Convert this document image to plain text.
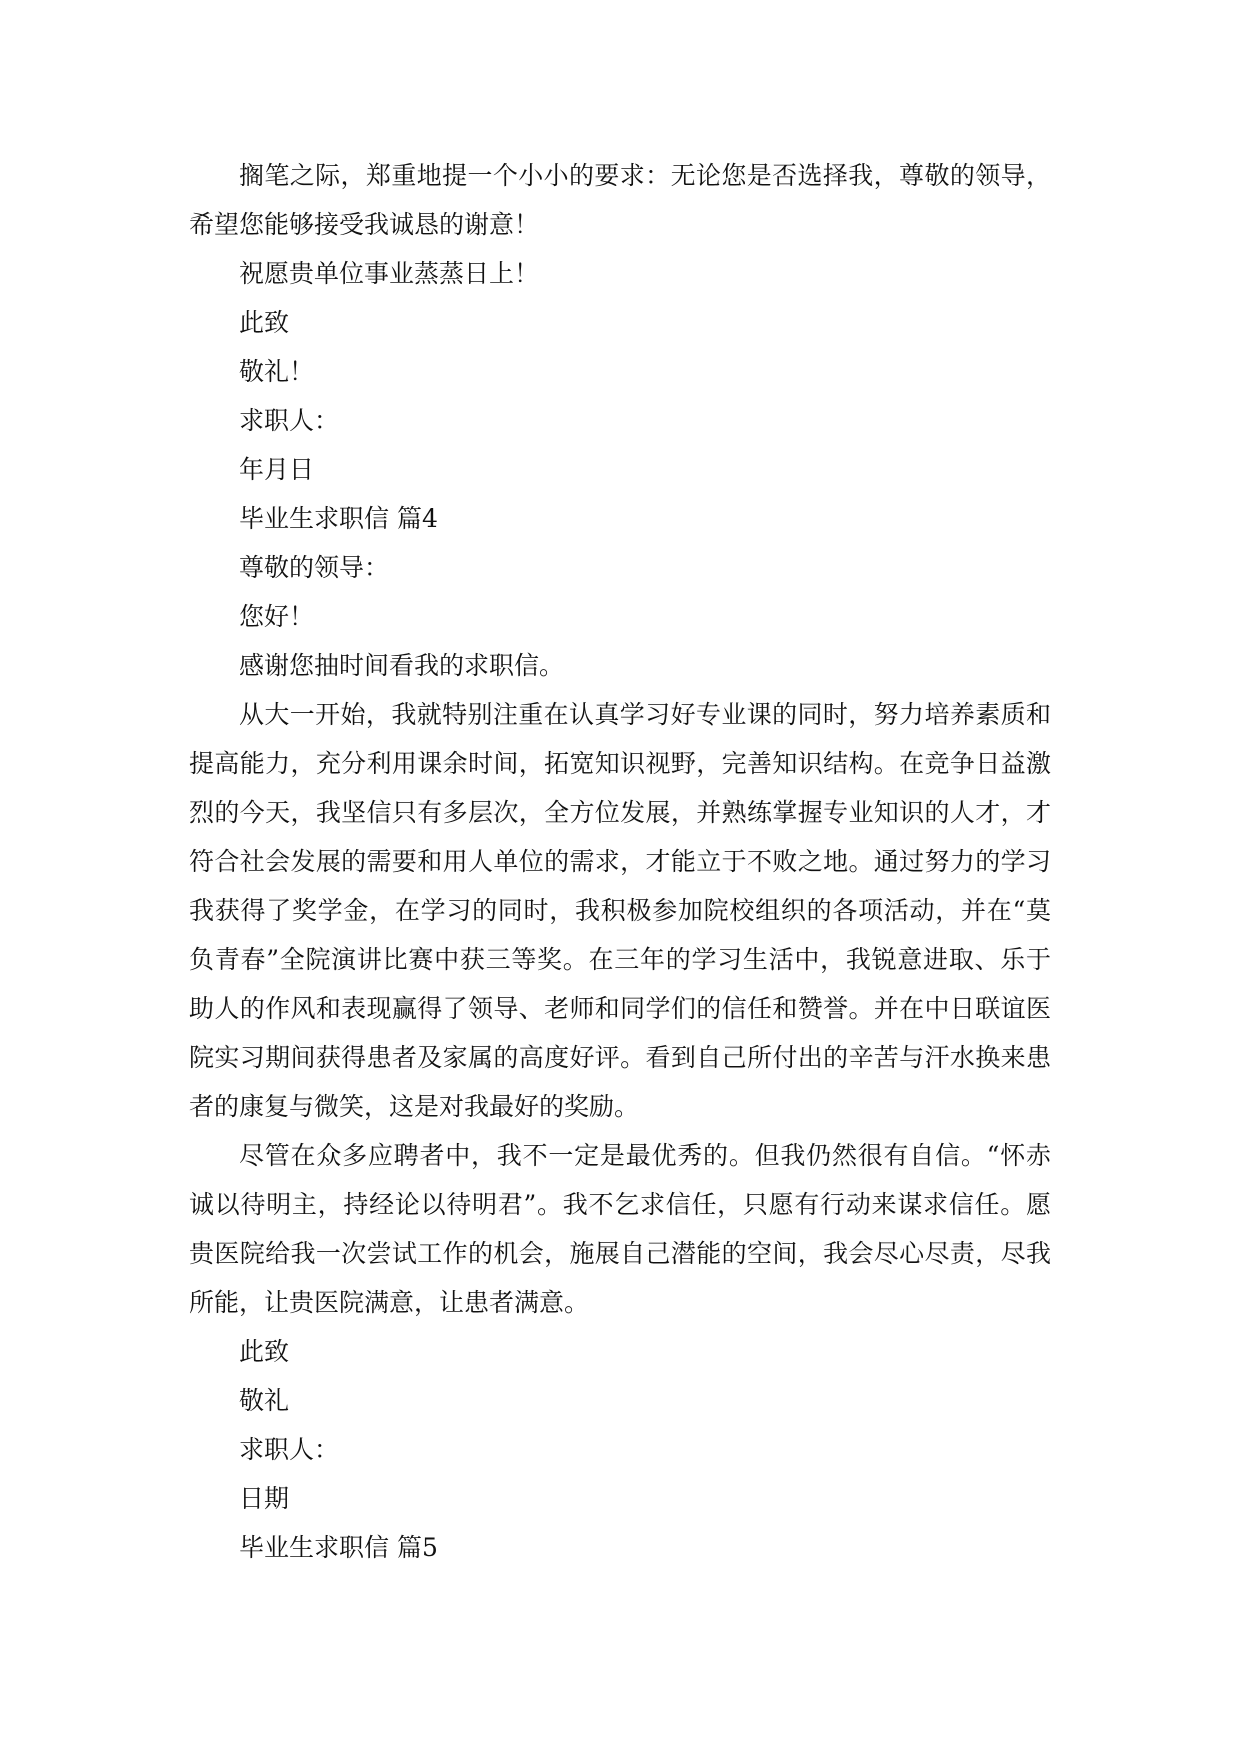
搁笔之际，郑重地提一个小小的要求：无论您是否选择我，尊敬的领导，希望您能够接受我诚恳的谢意！

祝愿贵单位事业蒸蒸日上！

此致

敬礼！

求职人：

年月日

毕业生求职信 篇4

尊敬的领导：

您好！

感谢您抽时间看我的求职信。

从大一开始，我就特别注重在认真学习好专业课的同时，努力培养素质和提高能力，充分利用课余时间，拓宽知识视野，完善知识结构。在竞争日益激烈的今天，我坚信只有多层次，全方位发展，并熟练掌握专业知识的人才，才符合社会发展的需要和用人单位的需求，才能立于不败之地。通过努力的学习我获得了奖学金，在学习的同时，我积极参加院校组织的各项活动，并在“莫负青春”全院演讲比赛中获三等奖。在三年的学习生活中，我锐意进取、乐于助人的作风和表现赢得了领导、老师和同学们的信任和赞誉。并在中日联谊医院实习期间获得患者及家属的高度好评。看到自己所付出的辛苦与汗水换来患者的康复与微笑，这是对我最好的奖励。

尽管在众多应聘者中，我不一定是最优秀的。但我仍然很有自信。“怀赤诚以待明主，持经论以待明君”。我不乞求信任，只愿有行动来谋求信任。愿贵医院给我一次尝试工作的机会，施展自己潜能的空间，我会尽心尽责，尽我所能，让贵医院满意，让患者满意。

此致

敬礼

求职人：

日期

毕业生求职信 篇5
